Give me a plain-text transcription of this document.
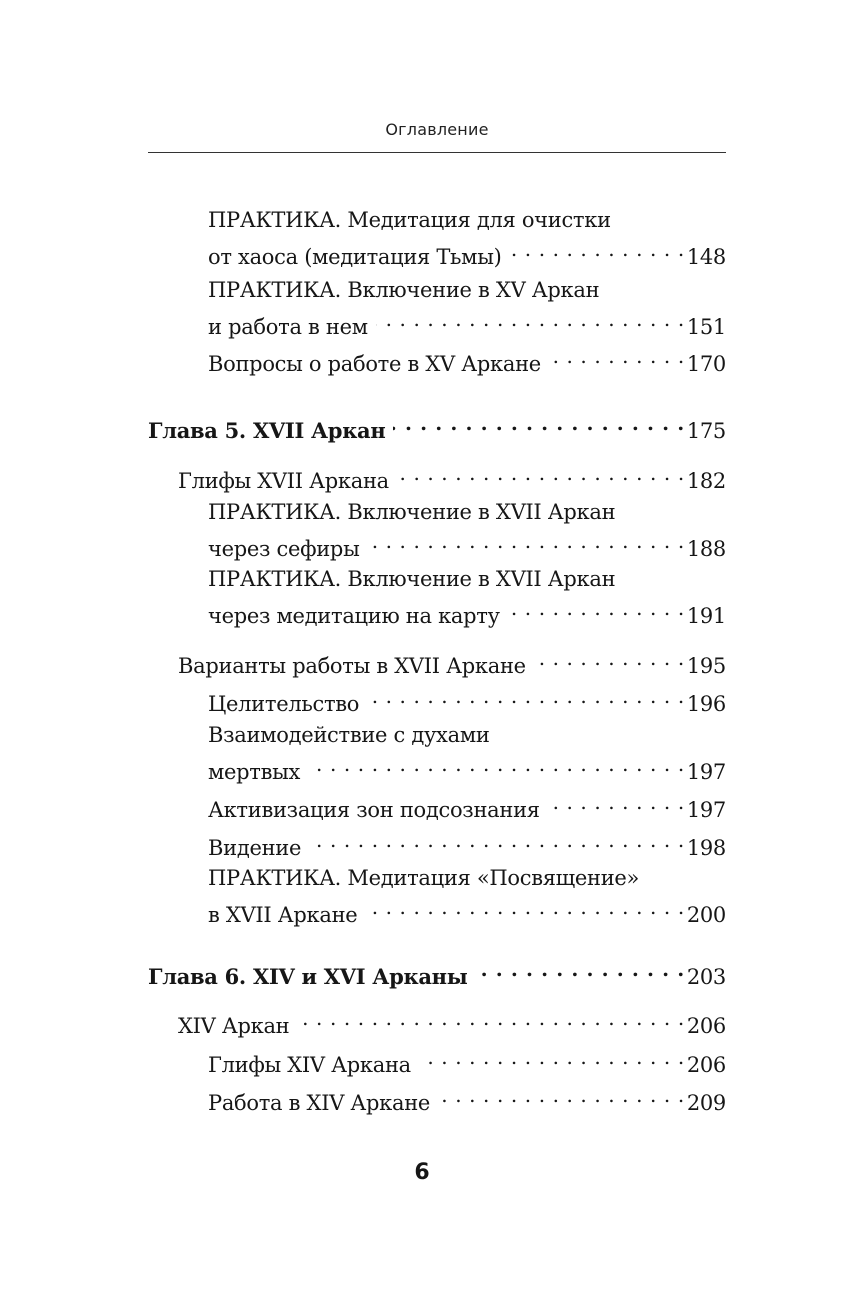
Оглавление
ПРАКТИКА. Медитация для очистки
от хаоса (медитация Тьмы) . . .	148
ПРАКТИКА. Включение в XV Аркан
и работа в нем . . .	151
Вопросы о работе в XV Аркане . . .	170
Глава 5. XVII Аркан . . .	175
Глифы XVII Аркана . . .	182
ПРАКТИКА. Включение в XVII Аркан
через сефиры . . .	188
ПРАКТИКА. Включение в XVII Аркан
через медитацию на карту . . .	191
Варианты работы в XVII Аркане . . .	195
Целительство . . .	196
Взаимодействие с духами
мертвых . . .	197
Активизация зон подсознания . . .	197
Видение . . .	198
ПРАКТИКА. Медитация «Посвящение»
в XVII Аркане . . .	200
Глава 6. XIV и XVI Арканы . . .	203
XIV Аркан . . .	206
Глифы XIV Аркана . . .	206
Работа в XIV Аркане . . .	209
6
